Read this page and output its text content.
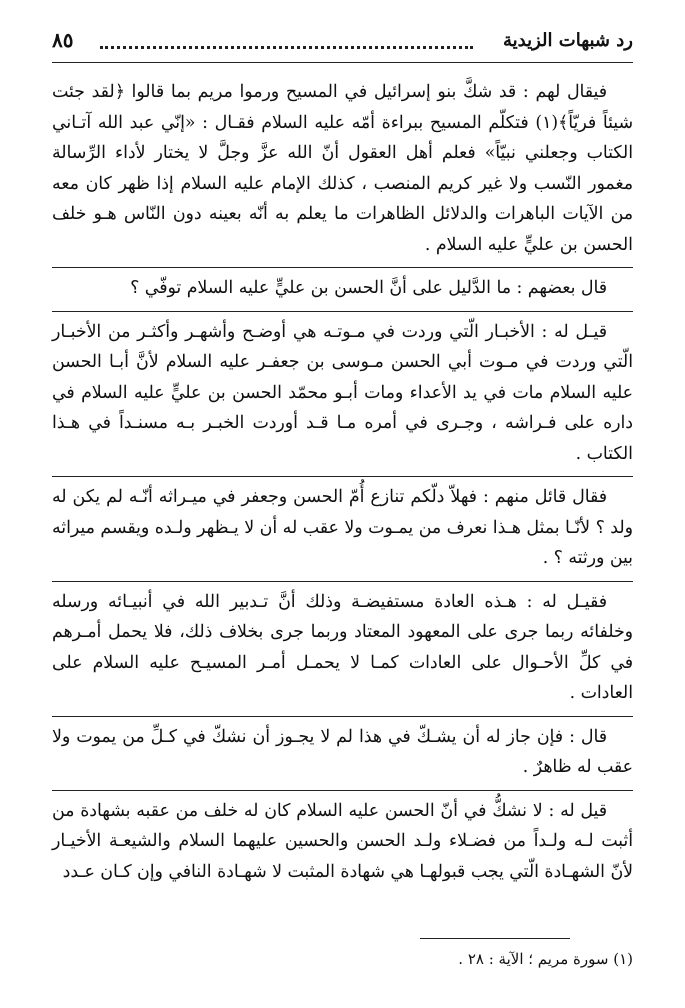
رد شبهات الزيدية
٨٥

فيقال لهم : قد شكَّ بنو إسرائيل في المسيح ورموا مريم بما قالوا ﴿لقد جئت شيئاً فريّاً﴾(١) فتكلّم المسيح ببراءة أمّه عليه السلام فقـال : «إنّي عبد الله آتـاني الكتاب وجعلني نبيّاً» فعلم أهل العقول أنّ الله عزَّ وجلَّ لا يختار لأداء الرِّسالة مغمور النّسب ولا غير كريم المنصب ، كذلك الإمام عليه السلام إذا ظهر كان معه من الآيات الباهرات والدلائل الظاهرات ما يعلم به أنّه بعينه دون النّاس هـو خلف الحسن بن عليٍّ عليه السلام .

قال بعضهم : ما الدَّليل على أنَّ الحسن بن عليٍّ عليه السلام توفّي ؟

قيـل له : الأخبـار الّتي وردت في مـوتـه هي أوضـح وأشهـر وأكثـر من الأخبـار الّتي وردت في مـوت أبي الحسن مـوسى بن جعفـر عليه السلام لأنَّ أبـا الحسن عليه السلام مات في يد الأعداء ومات أبـو محمّد الحسن بن عليٍّ عليه السلام في داره على فـراشه ، وجـرى في أمره مـا قـد أوردت الخبـر بـه مسنـداً في هـذا الكتاب .

فقال قائل منهم : فهلاّ دلّكم تنازع أُمّ الحسن وجعفر في ميـراثه أنّـه لم يكن له ولد ؟ لأنّـا بمثل هـذا نعرف من يمـوت ولا عقب له أن لا يـظهر ولـده ويقسم ميراثه بين ورثته ؟ .

فقيـل له : هـذه العادة مستفيضـة وذلك أنَّ تـدبير الله في أنبيـائه ورسله وخلفائه ربما جرى على المعهود المعتاد وربما جرى بخلاف ذلك، فلا يحمل أمـرهم في كلِّ الأحـوال على العادات كمـا لا يحمـل أمـر المسيـح عليه السلام على العادات .

قال : فإن جاز له أن يشـكّ في هذا لم لا يجـوز أن نشكّ في كـلِّ من يموت ولا عقب له ظاهرٌ .

قيل له : لا نشكُّ في أنّ الحسن عليه السلام كان له خلف من عقبه بشهادة من أثبت لـه ولـداً من فضـلاء ولـد الحسن والحسين عليهما السلام والشيعـة الأخيـار لأنّ الشهـادة الّتي يجب قبولهـا هي شهادة المثبت لا شهـادة النافي وإن كـان عـدد

(١) سورة مريم ؛ الآية : ٢٨ .
